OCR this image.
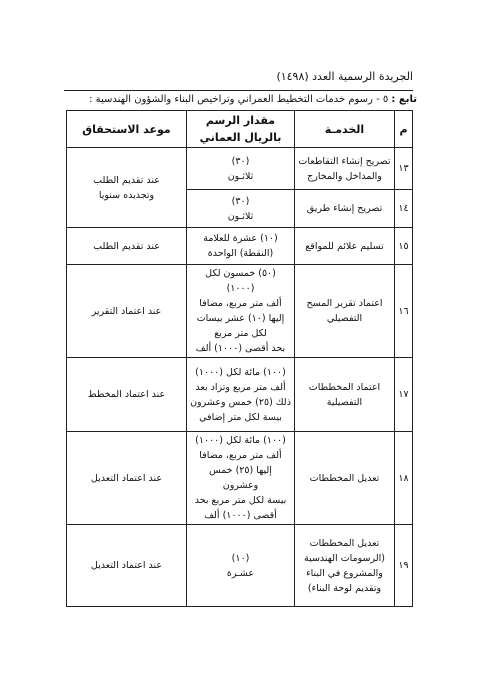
الجريدة الرسمية العدد (١٤٩٨)
تابع : ٥ - رسوم خدمات التخطيط العمراني وتراخيص البناء والشؤون الهندسية :
م	الخدمـة	مقدار الرسم
بالريال العماني	موعد الاستحقاق
١٣	تصريح إنشاء التقاطعات
والمداخل والمخارج	(٣٠)
ثلاثـون	عند تقديم الطلب
وتجديده سنويا
١٤	تصريح إنشاء طريق	(٣٠)
ثلاثـون	
١٥	تسليم علائم للمواقع	(١٠) عشرة للعلامة
(النقطة) الواحدة	عند تقديم الطلب
١٦	اعتماد تقرير المسح
التفصيلي	(٥٠) خمسون لكل (١٠٠٠)
ألف متر مربع، مضافا
إليها (١٠) عشر بيسات
لكل متر مربع
بحد أقصى (١٠٠٠) ألف	عند اعتماد التقرير
١٧	اعتماد المخططات
التفصيلية	(١٠٠) مائة لكل (١٠٠٠)
ألف متر مربع وتزاد بعد
ذلك (٢٥) خمس وعشرون
بيسة لكل متر إضافي	عند اعتماد المخطط
١٨	تعديل المخططات	(١٠٠) مائة لكل (١٠٠٠)
ألف متر مربع، مضافا
إليها (٢٥) خمس وعشرون
بيسة لكل متر مربع بحد
أقصى (١٠٠٠) ألف	عند اعتماد التعديل
١٩	تعديل المخططات
(الرسومات الهندسية
والمشروع في البناء
وتقديم لوحة البناء)	(١٠)
عشـرة	عند اعتماد التعديل
